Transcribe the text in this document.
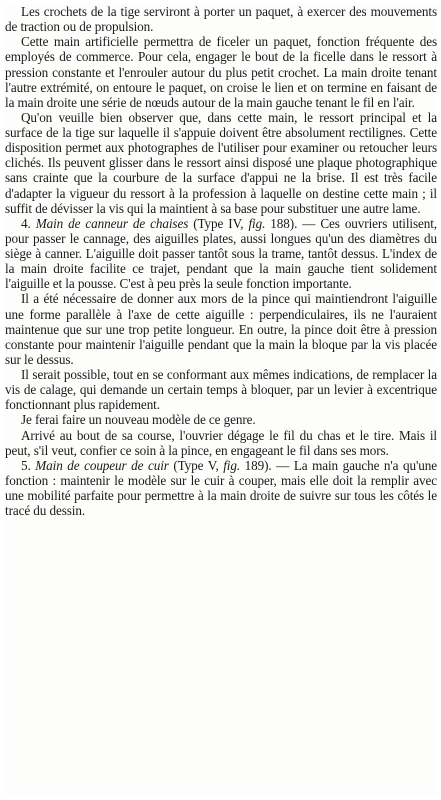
Les crochets de la tige serviront à porter un paquet, à exercer des mouvements de traction ou de propulsion.

Cette main artificielle permettra de ficeler un paquet, fonction fréquente des employés de commerce. Pour cela, engager le bout de la ficelle dans le ressort à pression constante et l'enrouler autour du plus petit crochet. La main droite tenant l'autre extrémité, on entoure le paquet, on croise le lien et on termine en faisant de la main droite une série de nœuds autour de la main gauche tenant le fil en l'air.

Qu'on veuille bien observer que, dans cette main, le ressort principal et la surface de la tige sur laquelle il s'appuie doivent être absolument rectilignes. Cette disposition permet aux photographes de l'utiliser pour examiner ou retoucher leurs clichés. Ils peuvent glisser dans le ressort ainsi disposé une plaque photographique sans crainte que la courbure de la surface d'appui ne la brise. Il est très facile d'adapter la vigueur du ressort à la profession à laquelle on destine cette main ; il suffit de dévisser la vis qui la maintient à sa base pour substituer une autre lame.

4. Main de canneur de chaises (Type IV, fig. 188). — Ces ouvriers utilisent, pour passer le cannage, des aiguilles plates, aussi longues qu'un des diamètres du siège à canner. L'aiguille doit passer tantôt sous la trame, tantôt dessus. L'index de la main droite facilite ce trajet, pendant que la main gauche tient solidement l'aiguille et la pousse. C'est à peu près la seule fonction importante.

Il a été nécessaire de donner aux mors de la pince qui maintiendront l'aiguille une forme parallèle à l'axe de cette aiguille : perpendiculaires, ils ne l'auraient maintenue que sur une trop petite longueur. En outre, la pince doit être à pression constante pour maintenir l'aiguille pendant que la main la bloque par la vis placée sur le dessus.

Il serait possible, tout en se conformant aux mêmes indications, de remplacer la vis de calage, qui demande un certain temps à bloquer, par un levier à excentrique fonctionnant plus rapidement.

Je ferai faire un nouveau modèle de ce genre.

Arrivé au bout de sa course, l'ouvrier dégage le fil du chas et le tire. Mais il peut, s'il veut, confier ce soin à la pince, en engageant le fil dans ses mors.

5. Main de coupeur de cuir (Type V, fig. 189). — La main gauche n'a qu'une fonction : maintenir le modèle sur le cuir à couper, mais elle doit la remplir avec une mobilité parfaite pour permettre à la main droite de suivre sur tous les côtés le tracé du dessin.
